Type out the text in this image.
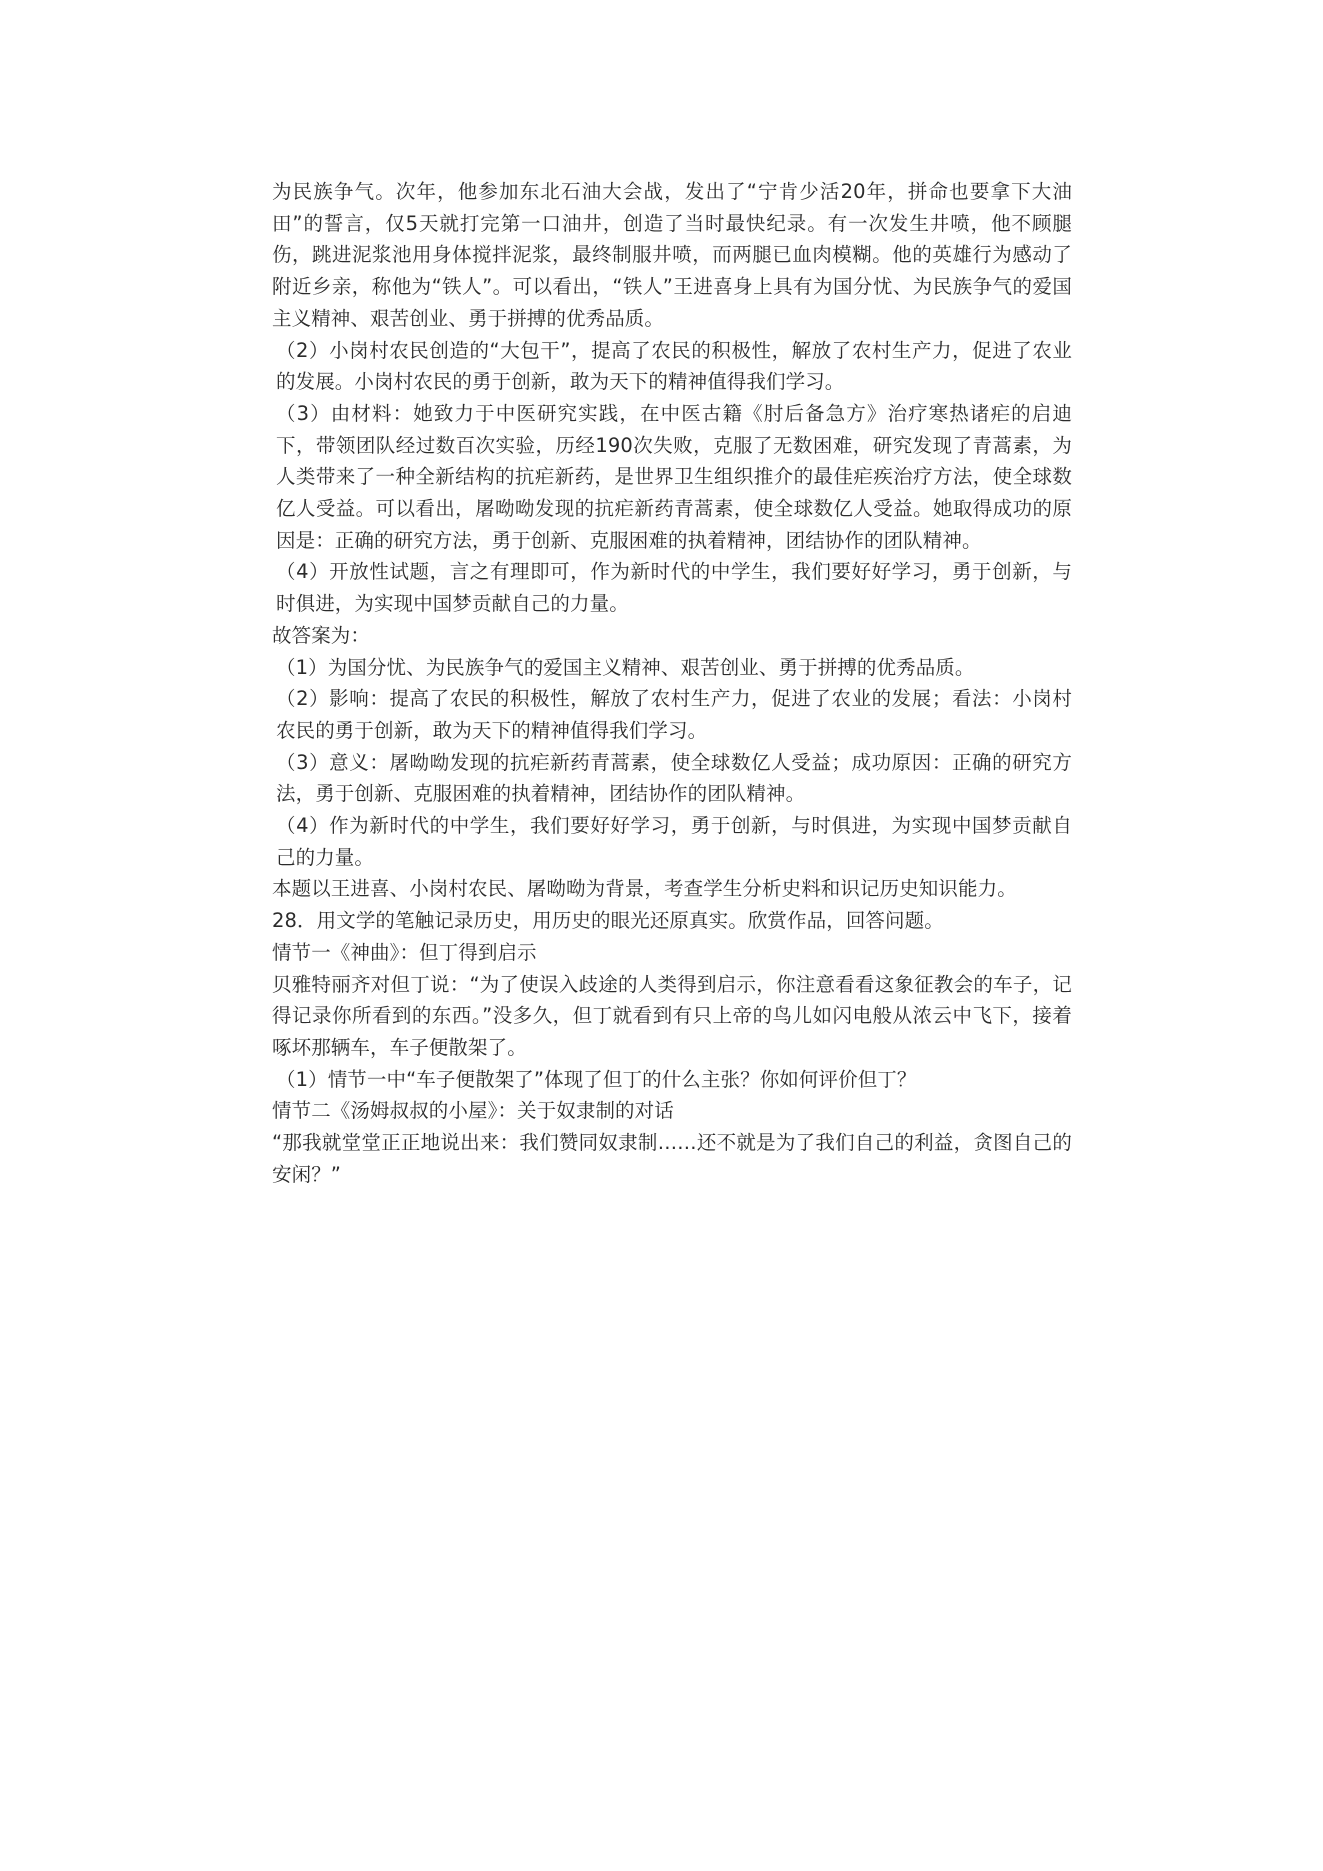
为民族争气。次年，他参加东北石油大会战，发出了“宁肯少活20年，拼命也要拿下大油田”的誓言，仅5天就打完第一口油井，创造了当时最快纪录。有一次发生井喷，他不顾腿伤，跳进泥浆池用身体搅拌泥浆，最终制服井喷，而两腿已血肉模糊。他的英雄行为感动了附近乡亲，称他为“铁人”。可以看出，“铁人”王进喜身上具有为国分忧、为民族争气的爱国主义精神、艰苦创业、勇于拼搏的优秀品质。

（2）小岗村农民创造的“大包干”，提高了农民的积极性，解放了农村生产力，促进了农业的发展。小岗村农民的勇于创新，敢为天下的精神值得我们学习。

（3）由材料：她致力于中医研究实践，在中医古籍《肘后备急方》治疗寒热诸疟的启迪下，带领团队经过数百次实验，历经190次失败，克服了无数困难，研究发现了青蒿素，为人类带来了一种全新结构的抗疟新药，是世界卫生组织推介的最佳疟疾治疗方法，使全球数亿人受益。可以看出，屠呦呦发现的抗疟新药青蒿素，使全球数亿人受益。她取得成功的原因是：正确的研究方法，勇于创新、克服困难的执着精神，团结协作的团队精神。

（4）开放性试题，言之有理即可，作为新时代的中学生，我们要好好学习，勇于创新，与时俱进，为实现中国梦贡献自己的力量。

故答案为：

（1）为国分忧、为民族争气的爱国主义精神、艰苦创业、勇于拼搏的优秀品质。

（2）影响：提高了农民的积极性，解放了农村生产力，促进了农业的发展；看法：小岗村农民的勇于创新，敢为天下的精神值得我们学习。

（3）意义：屠呦呦发现的抗疟新药青蒿素，使全球数亿人受益；成功原因：正确的研究方法，勇于创新、克服困难的执着精神，团结协作的团队精神。

（4）作为新时代的中学生，我们要好好学习，勇于创新，与时俱进，为实现中国梦贡献自己的力量。

本题以王进喜、小岗村农民、屠呦呦为背景，考查学生分析史料和识记历史知识能力。

28．用文学的笔触记录历史，用历史的眼光还原真实。欣赏作品，回答问题。

情节一《神曲》：但丁得到启示

贝雅特丽齐对但丁说：“为了使误入歧途的人类得到启示，你注意看看这象征教会的车子，记得记录你所看到的东西。”没多久，但丁就看到有只上帝的鸟儿如闪电般从浓云中飞下，接着啄坏那辆车，车子便散架了。

（1）情节一中“车子便散架了”体现了但丁的什么主张？你如何评价但丁？

情节二《汤姆叔叔的小屋》：关于奴隶制的对话

“那我就堂堂正正地说出来：我们赞同奴隶制……还不就是为了我们自己的利益，贪图自己的安闲？”
